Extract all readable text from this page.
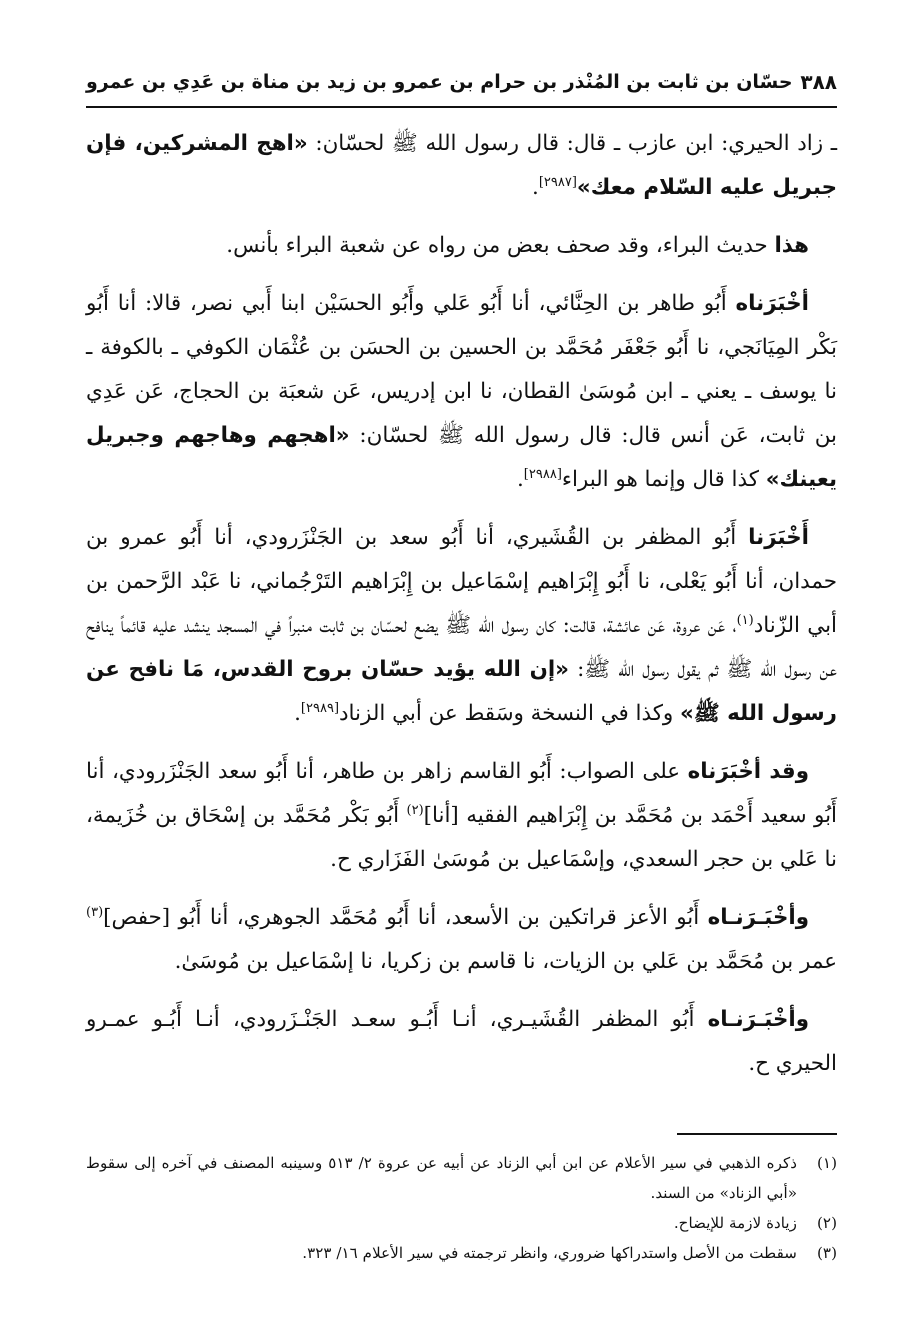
٣٨٨
حسّان بن ثابت بن المُنْذر بن حرام بن عمرو بن زيد بن مناة بن عَدِي بن عمرو

ـ زاد الحيري: ابن عازب ـ قال: قال رسول الله ﷺ لحسّان: «اهج المشركين، فإن جبريل عليه السّلام معك»[٢٩٨٧].

هذا حديث البراء، وقد صحف بعض من رواه عن شعبة البراء بأنس.

أخْبَرَناه أَبُو طاهر بن الحِنَّائي، أنا أَبُو عَلي وأَبُو الحسَيْن ابنا أَبي نصر، قالا: أنا أَبُو بَكْر المِيَانَجي، نا أَبُو جَعْفَر مُحَمَّد بن الحسين بن الحسَن بن عُثْمَان الكوفي ـ بالكوفة ـ نا يوسف ـ يعني ـ ابن مُوسَىٰ القطان، نا ابن إدريس، عَن شعبَة بن الحجاج، عَن عَدِي بن ثابت، عَن أنس قال: قال رسول الله ﷺ لحسّان: «اهجهم وهاجهم وجبريل يعينك» كذا قال وإنما هو البراء[٢٩٨٨].

أَخْبَرَنا أَبُو المظفر بن القُشَيري، أنا أَبُو سعد بن الجَنْزَرودي، أنا أَبُو عمرو بن حمدان، أنا أَبُو يَعْلى، نا أَبُو إِبْرَاهيم إسْمَاعيل بن إِبْرَاهيم التَرْجُماني، نا عَبْد الرَّحمن بن أبي الزّناد$^{(١)}$، عَن عروة، عَن عائشة، قالت: كان رسول الله ﷺ يضع لحسّان بن ثابت منبراً في المسجد ينشد عليه قائماً ينافح عن رسول الله ﷺ ثم يقول رسول الله ﷺ: «إن الله يؤيد حسّان بروح القدس، مَا نافح عن رسول الله ﷺ» وكذا في النسخة وسَقط عن أبي الزناد[٢٩٨٩].

وقد أخْبَرَناه على الصواب: أَبُو القاسم زاهر بن طاهر، أنا أَبُو سعد الجَنْزَرودي، أنا أَبُو سعيد أَحْمَد بن مُحَمَّد بن إِبْرَاهيم الفقيه [أنا]$^{(٢)}$ أَبُو بَكْر مُحَمَّد بن إسْحَاق بن خُزَيمة، نا عَلي بن حجر السعدي، وإسْمَاعيل بن مُوسَىٰ الفَزَاري ح.

وأخْبَـرَنـاه أَبُو الأعز قراتكين بن الأسعد، أنا أَبُو مُحَمَّد الجوهري، أنا أَبُو [حفص]$^{(٣)}$ عمر بن مُحَمَّد بن عَلي بن الزيات، نا قاسم بن زكريا، نا إسْمَاعيل بن مُوسَىٰ.

وأخْبَـرَنـاه أَبُو المظفر القُشَيـري، أنـا أَبُـو سعـد الجَنْـزَرودي، أنـا أَبُـو عمـرو الحيري ح.

(١)
ذكره الذهبي في سير الأعلام عن ابن أبي الزناد عن أبيه عن عروة ٢/ ٥١٣ وسينبه المصنف في آخره إلى سقوط «أبي الزناد» من السند.
(٢)
زيادة لازمة للإيضاح.
(٣)
سقطت من الأصل واستدراكها ضروري، وانظر ترجمته في سير الأعلام ١٦/ ٣٢٣.
